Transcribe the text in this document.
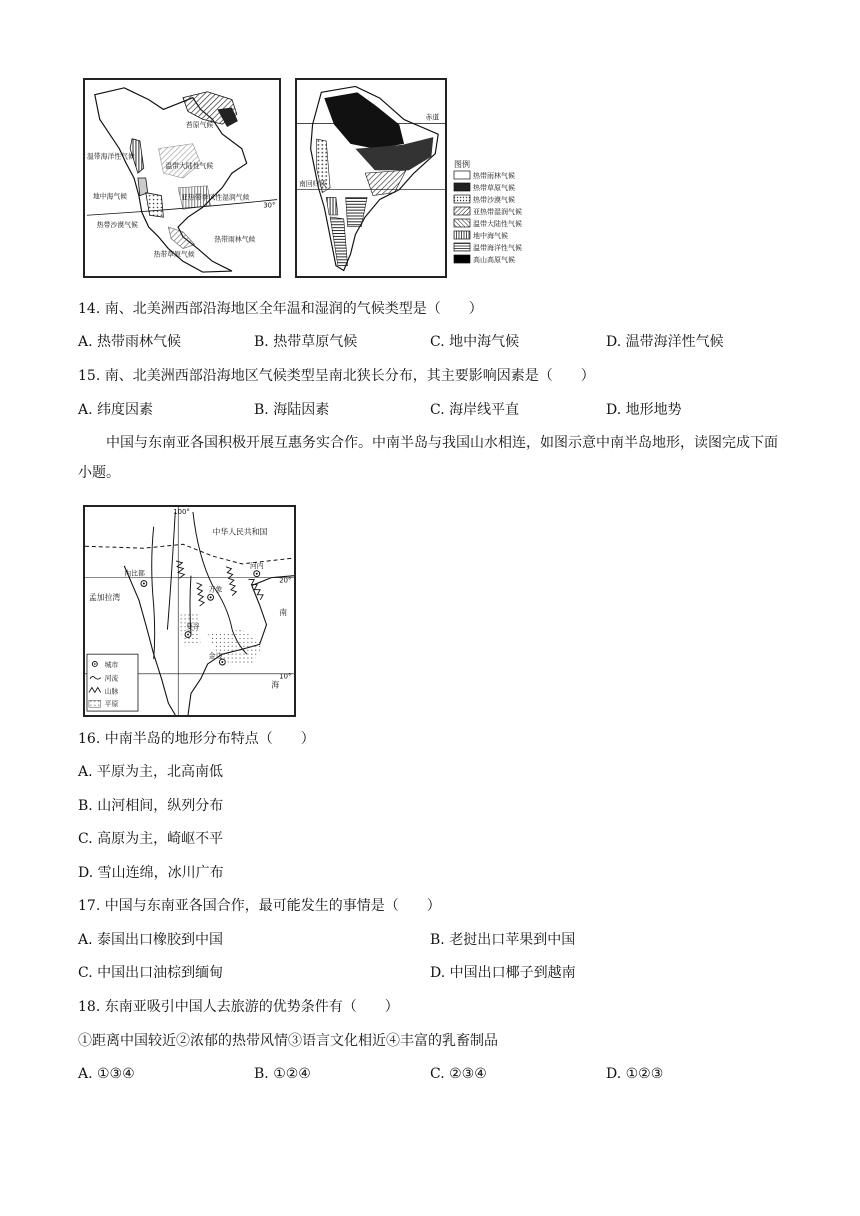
苔原气候
温带海洋性气候
温带大陆性气候
地中海气候	亚热带季风性湿润气候
热带沙漠气候
热带雨林气候
热带草原气候
30°
赤道
南回归线
图例
热带雨林气候
热带草原气候
热带沙漠气候
亚热带湿润气候
温带大陆性气候
地中海气候
温带海洋性气候
高山高原气候
14. 南、北美洲西部沿海地区全年温和湿润的气候类型是（　　）
A. 热带雨林气候	B. 热带草原气候	C. 地中海气候	D. 温带海洋性气候
15. 南、北美洲西部沿海地区气候类型呈南北狭长分布，其主要影响因素是（　　）
A. 纬度因素	B. 海陆因素	C. 海岸线平直	D. 地形地势
中国与东南亚各国积极开展互惠务实合作。中南半岛与我国山水相连，如图示意中南半岛地形，读图完成下面小题。
100°
中华人民共和国
20°
10°
内比都
河内
万象
曼谷
金边
孟加拉湾
南
海
城市
河流
山脉
平原
16. 中南半岛的地形分布特点（　　）
A. 平原为主，北高南低
B. 山河相间，纵列分布
C. 高原为主，崎岖不平
D. 雪山连绵，冰川广布
17. 中国与东南亚各国合作，最可能发生的事情是（　　）
A. 泰国出口橡胶到中国	B. 老挝出口苹果到中国
C. 中国出口油棕到缅甸	D. 中国出口椰子到越南
18. 东南亚吸引中国人去旅游的优势条件有（　　）
①距离中国较近②浓郁的热带风情③语言文化相近④丰富的乳畜制品
A. ①③④	B. ①②④	C. ②③④	D. ①②③
